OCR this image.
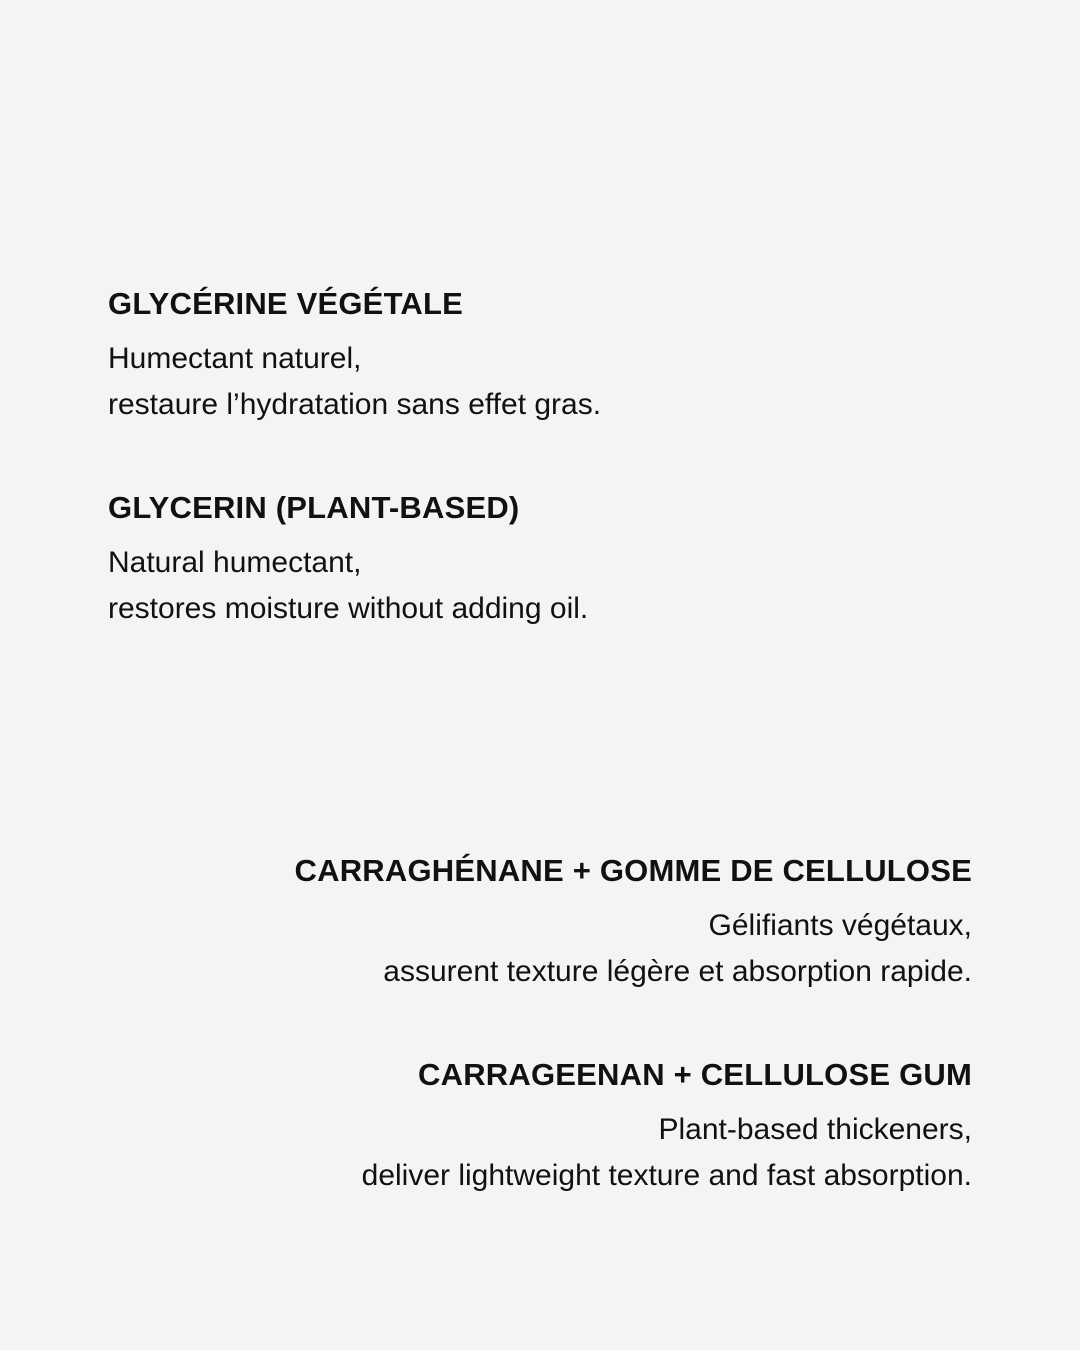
GLYCÉRINE VÉGÉTALE

Humectant naturel,
restaure l’hydratation sans effet gras.

GLYCERIN (PLANT-BASED)

Natural humectant,
restores moisture without adding oil.

CARRAGHÉNANE + GOMME DE CELLULOSE

Gélifiants végétaux,
assurent texture légère et absorption rapide.

CARRAGEENAN + CELLULOSE GUM

Plant-based thickeners,
deliver lightweight texture and fast absorption.
